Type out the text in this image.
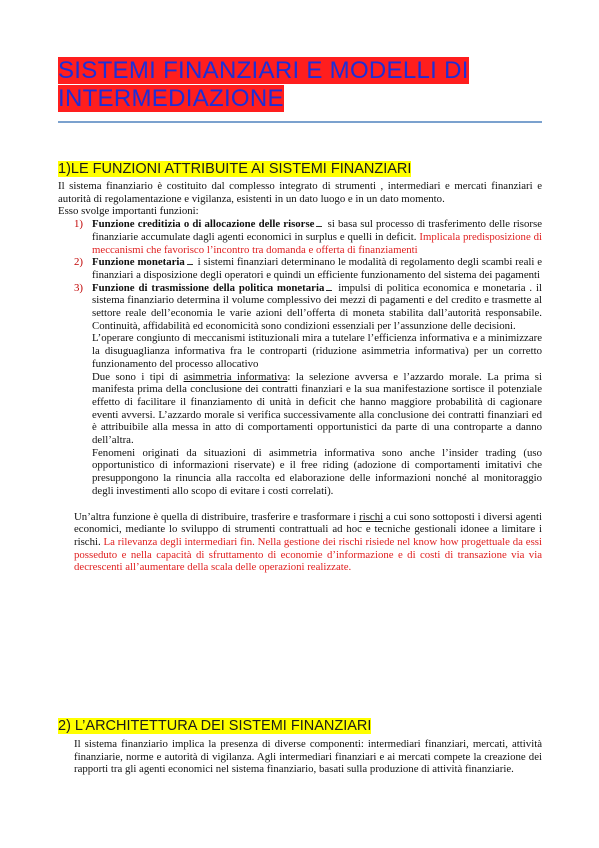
SISTEMI FINANZIARI E MODELLI DI INTERMEDIAZIONE
1)LE FUNZIONI ATTRIBUITE AI SISTEMI FINANZIARI

Il sistema finanziario è costituito dal complesso integrato di strumenti , intermediari e mercati finanziari e autorità di regolamentazione e vigilanza, esistenti in un dato luogo e in un dato momento.

Esso svolge importanti funzioni:

1) Funzione creditizia o di allocazione delle risorse si basa sul processo di trasferimento delle risorse finanziarie accumulate dagli agenti economici in surplus e quelli in deficit. Implicala predisposizione di meccanismi che favorisco l’incontro tra domanda e offerta di finanziamenti
2) Funzione monetaria i sistemi finanziari determinano le modalità di regolamento degli scambi reali e finanziari a disposizione degli operatori e quindi un efficiente funzionamento del sistema dei pagamenti
3) Funzione di trasmissione della politica monetaria impulsi di politica economica e monetaria . il sistema finanziario determina il volume complessivo dei mezzi di pagamenti e del credito e trasmette al settore reale dell’economia le varie azioni dell’offerta di moneta stabilita dall’autorità responsabile. Continuità, affidabilità ed economicità sono condizioni essenziali per l’assunzione delle decisioni.

L’operare congiunto di meccanismi istituzionali mira a tutelare l’efficienza informativa e a minimizzare la disuguaglianza informativa fra le controparti (riduzione asimmetria informativa) per un corretto funzionamento del processo allocativo

Due sono i tipi di asimmetria informativa: la selezione avversa e l’azzardo morale. La prima si manifesta prima della conclusione dei contratti finanziari e la sua manifestazione sortisce il potenziale effetto di facilitare il finanziamento di unità in deficit che hanno maggiore probabilità di cagionare eventi avversi. L’azzardo morale si verifica successivamente alla conclusione dei contratti finanziari ed è attribuibile alla messa in atto di comportamenti opportunistici da parte di una controparte a danno dell’altra.

Fenomeni originati da situazioni di asimmetria informativa sono anche l’insider trading (uso opportunistico di informazioni riservate) e il free riding (adozione di comportamenti imitativi che presuppongono la rinuncia alla raccolta ed elaborazione delle informazioni nonché al monitoraggio degli investimenti allo scopo di evitare i costi correlati).

Un’altra funzione è quella di distribuire, trasferire e trasformare i rischi a cui sono sottoposti i diversi agenti economici, mediante lo sviluppo di strumenti contrattuali ad hoc e tecniche gestionali idonee a limitare i rischi. La rilevanza degli intermediari fin. Nella gestione dei rischi risiede nel know how progettuale da essi posseduto e nella capacità di sfruttamento di economie d’informazione e di costi di transazione via via decrescenti all’aumentare della scala delle operazioni realizzate.

2) L’ARCHITETTURA DEI SISTEMI FINANZIARI

Il sistema finanziario implica la presenza di diverse componenti: intermediari finanziari, mercati, attività finanziarie, norme e autorità di vigilanza. Agli intermediari finanziari e ai mercati compete la creazione dei rapporti tra gli agenti economici nel sistema finanziario, basati sulla produzione di attività finanziarie.
